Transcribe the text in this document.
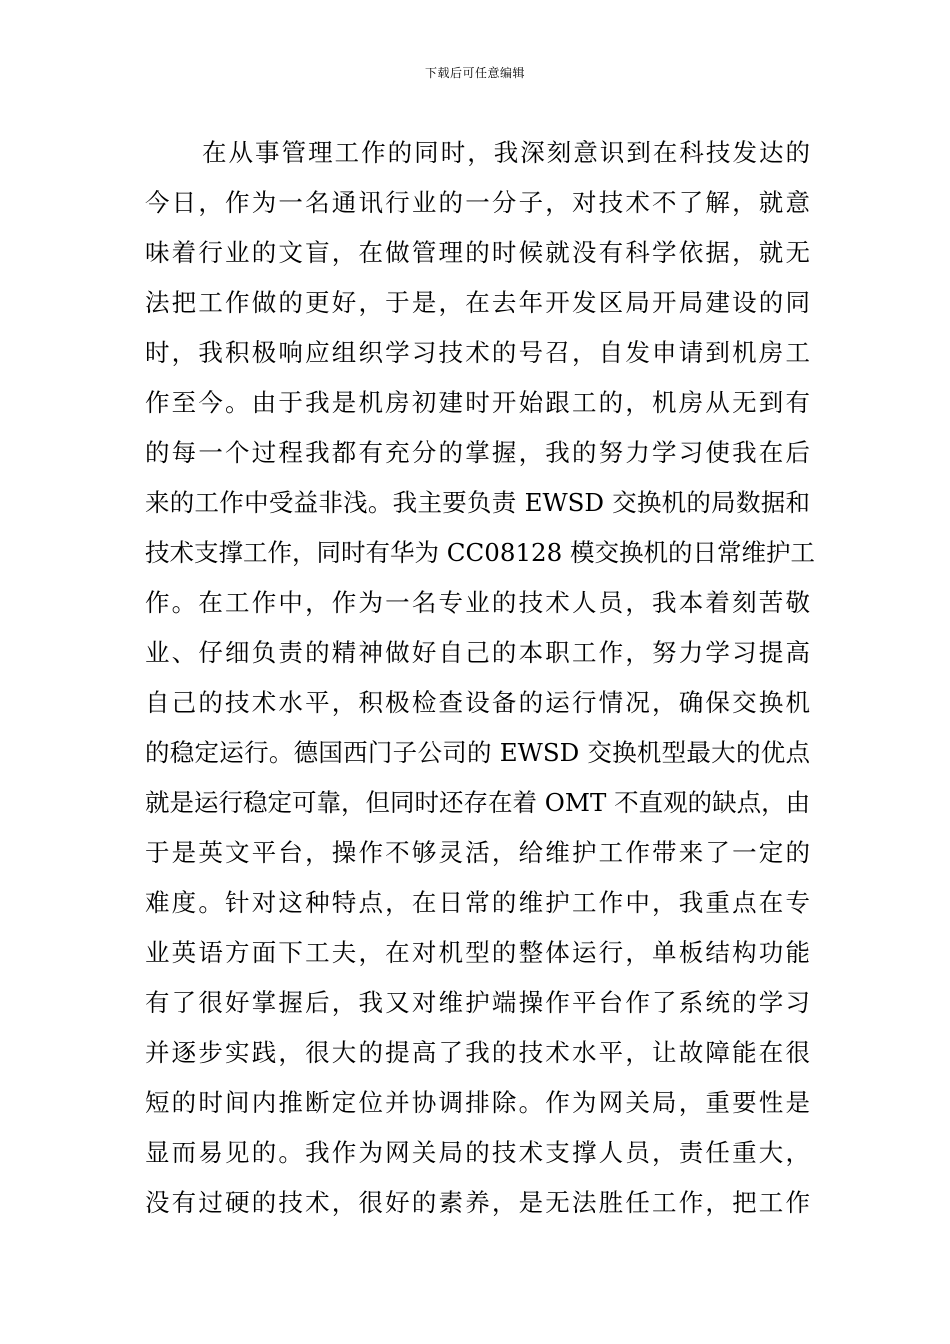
下载后可任意编辑
在从事管理工作的同时，我深刻意识到在科技发达的
今日，作为一名通讯行业的一分子，对技术不了解，就意
味着行业的文盲，在做管理的时候就没有科学依据，就无
法把工作做的更好，于是，在去年开发区局开局建设的同
时，我积极响应组织学习技术的号召，自发申请到机房工
作至今。由于我是机房初建时开始跟工的，机房从无到有
的每一个过程我都有充分的掌握，我的努力学习使我在后
来的工作中受益非浅。我主要负责 EWSD 交换机的局数据和
技术支撑工作，同时有华为 CC08128 模交换机的日常维护工
作。在工作中，作为一名专业的技术人员，我本着刻苦敬
业、仔细负责的精神做好自己的本职工作，努力学习提高
自己的技术水平，积极检查设备的运行情况，确保交换机
的稳定运行。德国西门子公司的 EWSD 交换机型最大的优点
就是运行稳定可靠，但同时还存在着 OMT 不直观的缺点，由
于是英文平台，操作不够灵活，给维护工作带来了一定的
难度。针对这种特点，在日常的维护工作中，我重点在专
业英语方面下工夫，在对机型的整体运行，单板结构功能
有了很好掌握后，我又对维护端操作平台作了系统的学习
并逐步实践，很大的提高了我的技术水平，让故障能在很
短的时间内推断定位并协调排除。作为网关局，重要性是
显而易见的。我作为网关局的技术支撑人员，责任重大，
没有过硬的技术，很好的素养，是无法胜任工作，把工作
